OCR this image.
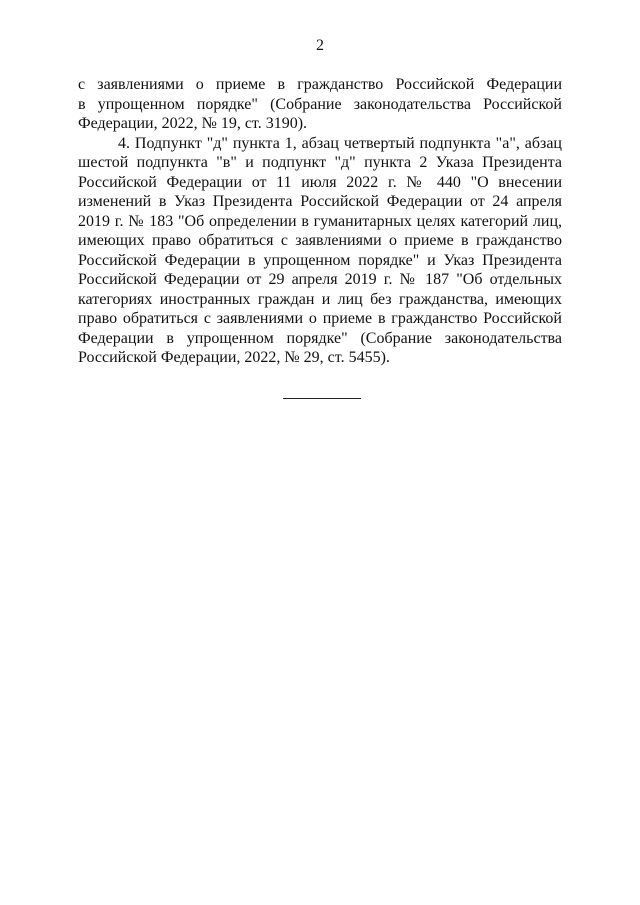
2
с заявлениями о приеме в гражданство Российской Федерации
в упрощенном порядке" (Собрание законодательства Российской
Федерации, 2022, № 19, ст. 3190).
4. Подпункт "д" пункта 1, абзац четвертый подпункта "а", абзац
шестой подпункта "в" и подпункт "д" пункта 2 Указа Президента
Российской Федерации от 11 июля 2022 г. № 440 "О внесении
изменений в Указ Президента Российской Федерации от 24 апреля
2019 г. № 183 "Об определении в гуманитарных целях категорий лиц,
имеющих право обратиться с заявлениями о приеме в гражданство
Российской Федерации в упрощенном порядке" и Указ Президента
Российской Федерации от 29 апреля 2019 г. № 187 "Об отдельных
категориях иностранных граждан и лиц без гражданства, имеющих
право обратиться с заявлениями о приеме в гражданство Российской
Федерации в упрощенном порядке" (Собрание законодательства
Российской Федерации, 2022, № 29, ст. 5455).
